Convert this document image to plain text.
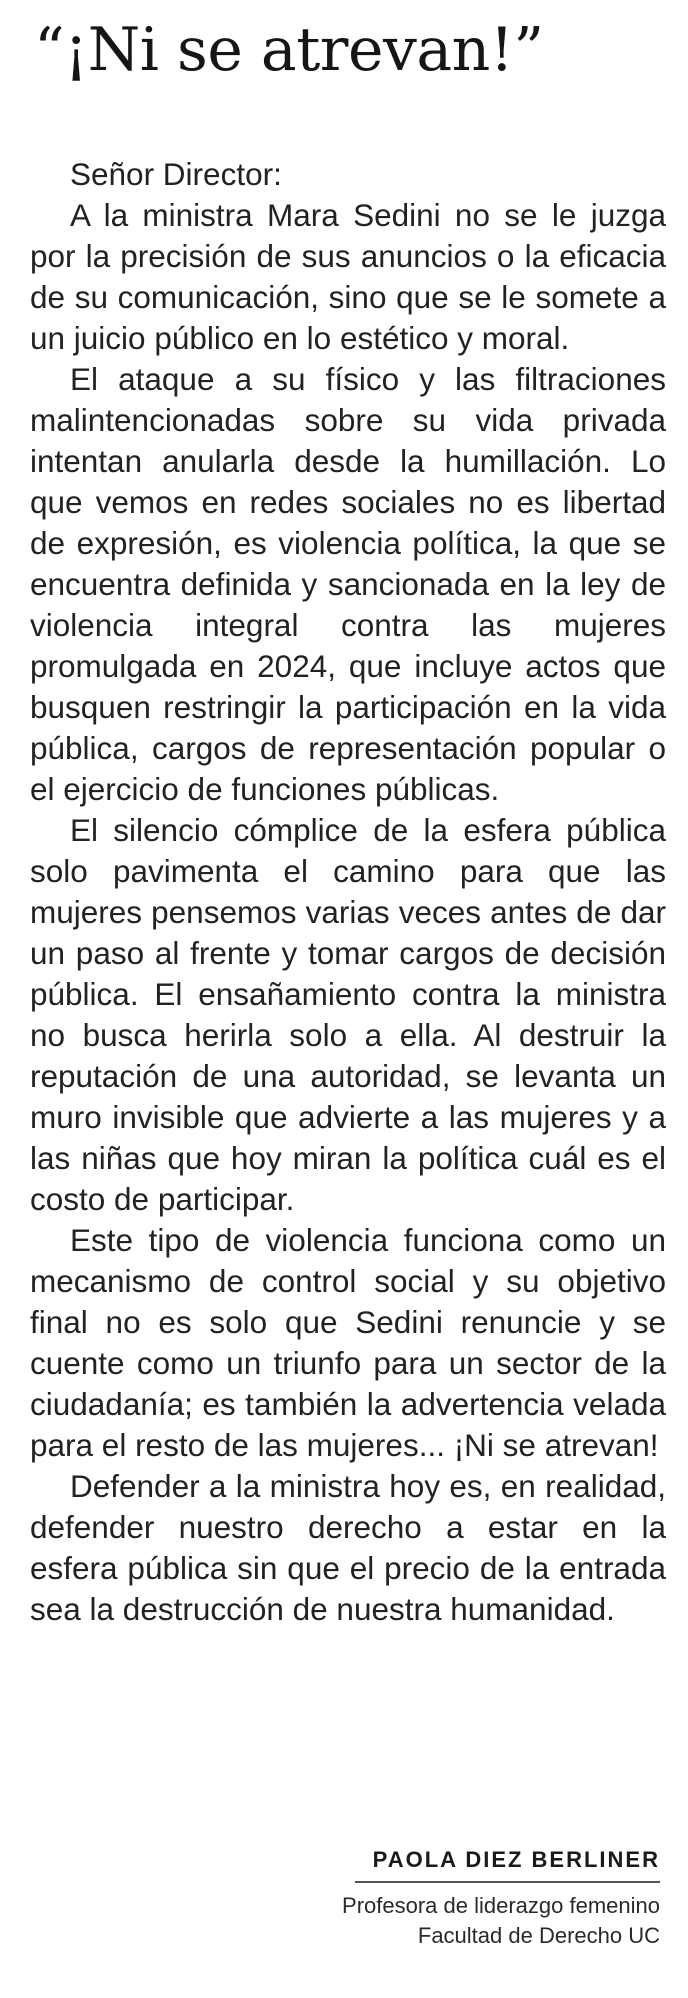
“¡Ni se atrevan!”

Señor Director:

A la ministra Mara Sedini no se le juzga por la precisión de sus anuncios o la eficacia de su comunicación, sino que se le somete a un juicio público en lo estético y moral.

El ataque a su físico y las filtraciones malintencionadas sobre su vida privada intentan anularla desde la humillación. Lo que vemos en redes sociales no es libertad de expresión, es violencia política, la que se encuentra definida y sancionada en la ley de violencia integral contra las mujeres promulgada en 2024, que incluye actos que busquen restringir la participación en la vida pública, cargos de representación popular o el ejercicio de funciones públicas.

El silencio cómplice de la esfera pública solo pavimenta el camino para que las mujeres pensemos varias veces antes de dar un paso al frente y tomar cargos de decisión pública. El ensañamiento contra la ministra no busca herirla solo a ella. Al destruir la reputación de una autoridad, se levanta un muro invisible que advierte a las mujeres y a las niñas que hoy miran la política cuál es el costo de participar.

Este tipo de violencia funciona como un mecanismo de control social y su objetivo final no es solo que Sedini renuncie y se cuente como un triunfo para un sector de la ciudadanía; es también la advertencia velada para el resto de las mujeres... ¡Ni se atrevan!

Defender a la ministra hoy es, en realidad, defender nuestro derecho a estar en la esfera pública sin que el precio de la entrada sea la destrucción de nuestra humanidad.

PAOLA DIEZ BERLINER
Profesora de liderazgo femenino
Facultad de Derecho UC
